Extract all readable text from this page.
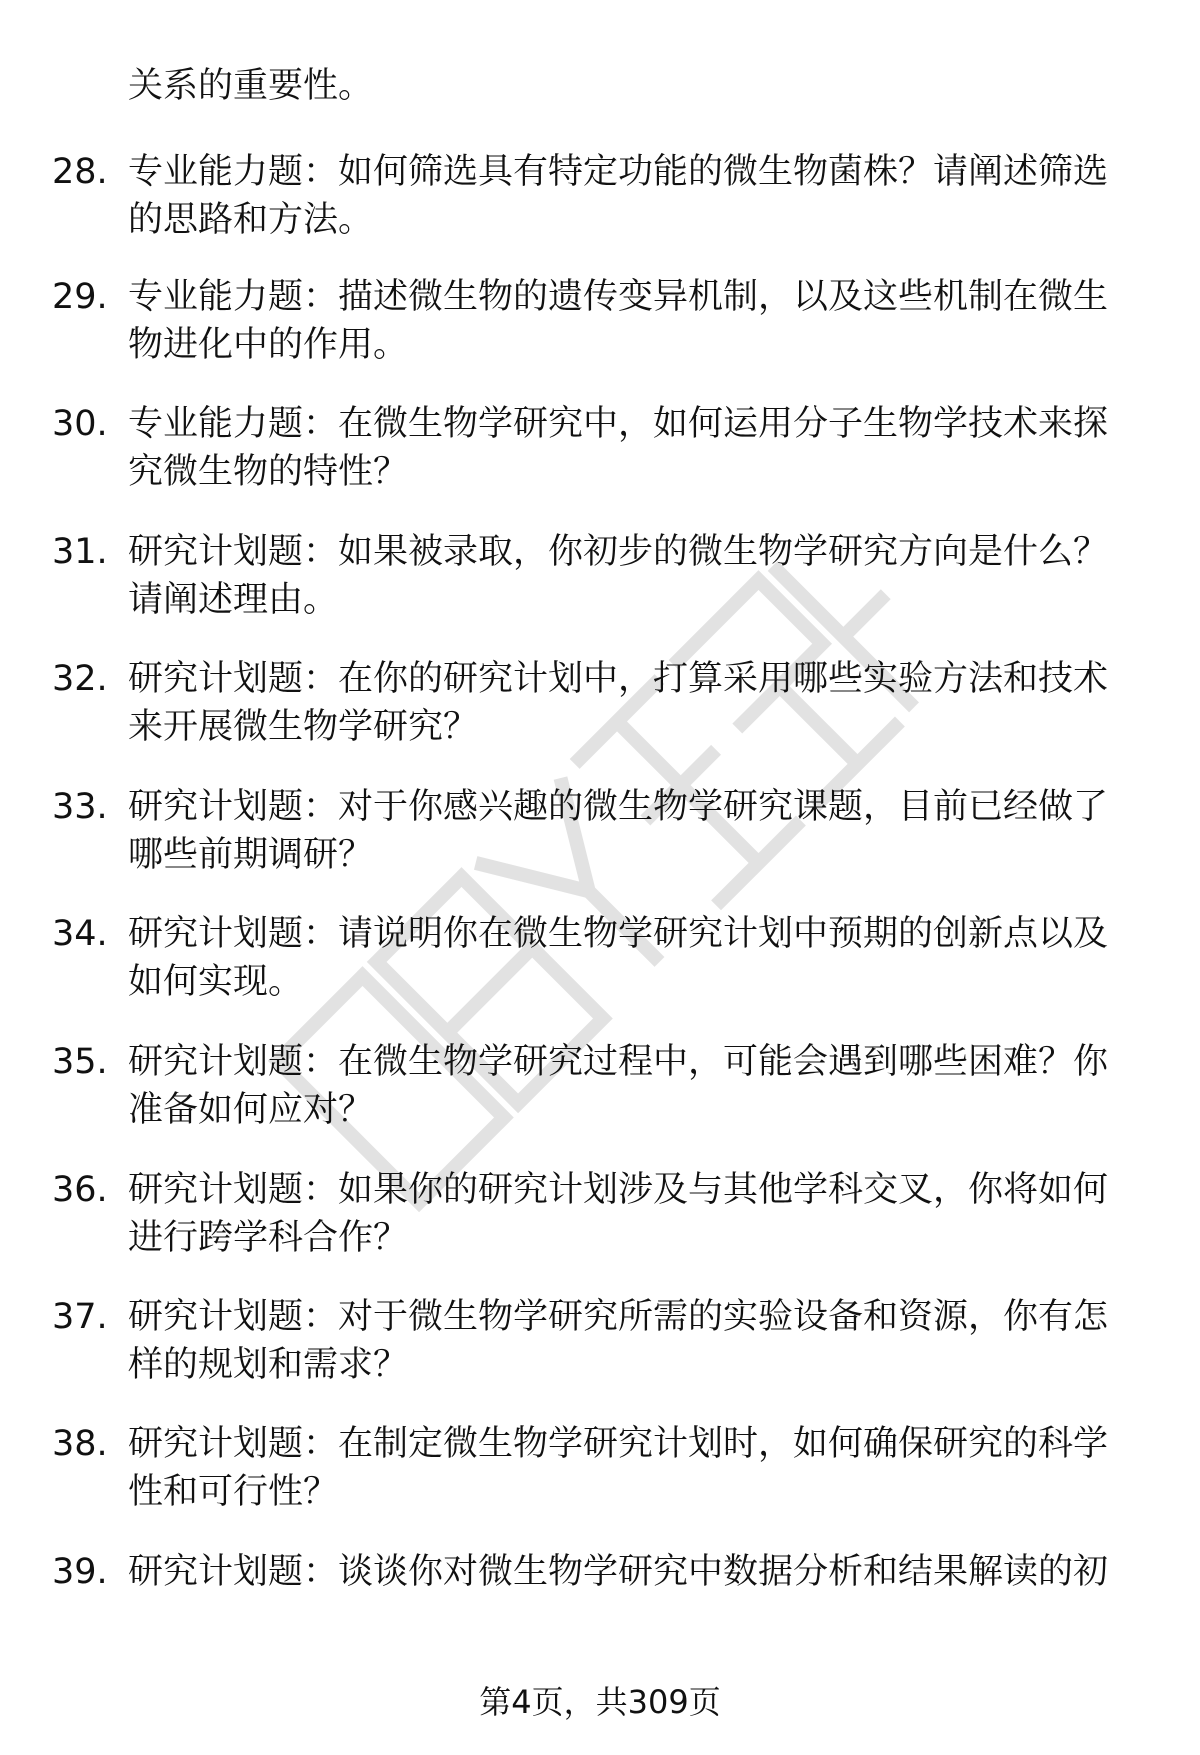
关系的重要性。
28. 专业能力题：如何筛选具有特定功能的微生物菌株？请阐述筛选
的思路和方法。
29. 专业能力题：描述微生物的遗传变异机制，以及这些机制在微生
物进化中的作用。
30. 专业能力题：在微生物学研究中，如何运用分子生物学技术来探
究微生物的特性？
31. 研究计划题：如果被录取，你初步的微生物学研究方向是什么？
请阐述理由。
32. 研究计划题：在你的研究计划中，打算采用哪些实验方法和技术
来开展微生物学研究？
33. 研究计划题：对于你感兴趣的微生物学研究课题，目前已经做了
哪些前期调研？
34. 研究计划题：请说明你在微生物学研究计划中预期的创新点以及
如何实现。
35. 研究计划题：在微生物学研究过程中，可能会遇到哪些困难？你
准备如何应对？
36. 研究计划题：如果你的研究计划涉及与其他学科交叉，你将如何
进行跨学科合作？
37. 研究计划题：对于微生物学研究所需的实验设备和资源，你有怎
样的规划和需求？
38. 研究计划题：在制定微生物学研究计划时，如何确保研究的科学
性和可行性？
39. 研究计划题：谈谈你对微生物学研究中数据分析和结果解读的初
第4页，共309页
